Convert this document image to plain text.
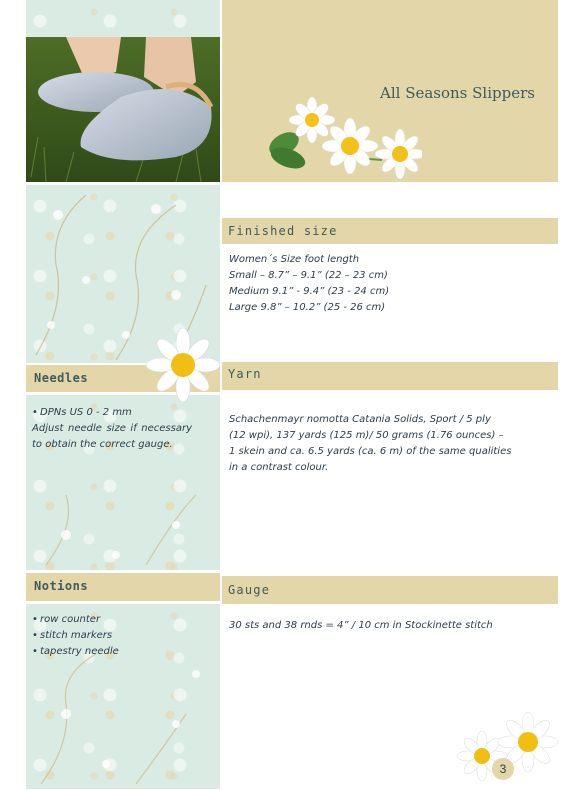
Needles
• DPNs US 0 - 2 mm
Adjust needle size if necessary to obtain the correct gauge.
Notions
• row counter
• stitch markers
• tapestry needle
All Seasons Slippers
Finished size
Women´s Size foot length
Small – 8.7” – 9.1” (22 – 23 cm)
Medium 9.1” - 9.4” (23 - 24 cm)
Large 9.8” – 10.2” (25 - 26 cm)
Yarn
Schachenmayr nomotta Catania Solids, Sport / 5 ply
(12 wpi), 137 yards (125 m)/ 50 grams (1.76 ounces) –
1 skein and ca. 6.5 yards (ca. 6 m) of the same qualities
in a contrast colour.
Gauge
30 sts and 38 rnds = 4” / 10 cm in Stockinette stitch
3
